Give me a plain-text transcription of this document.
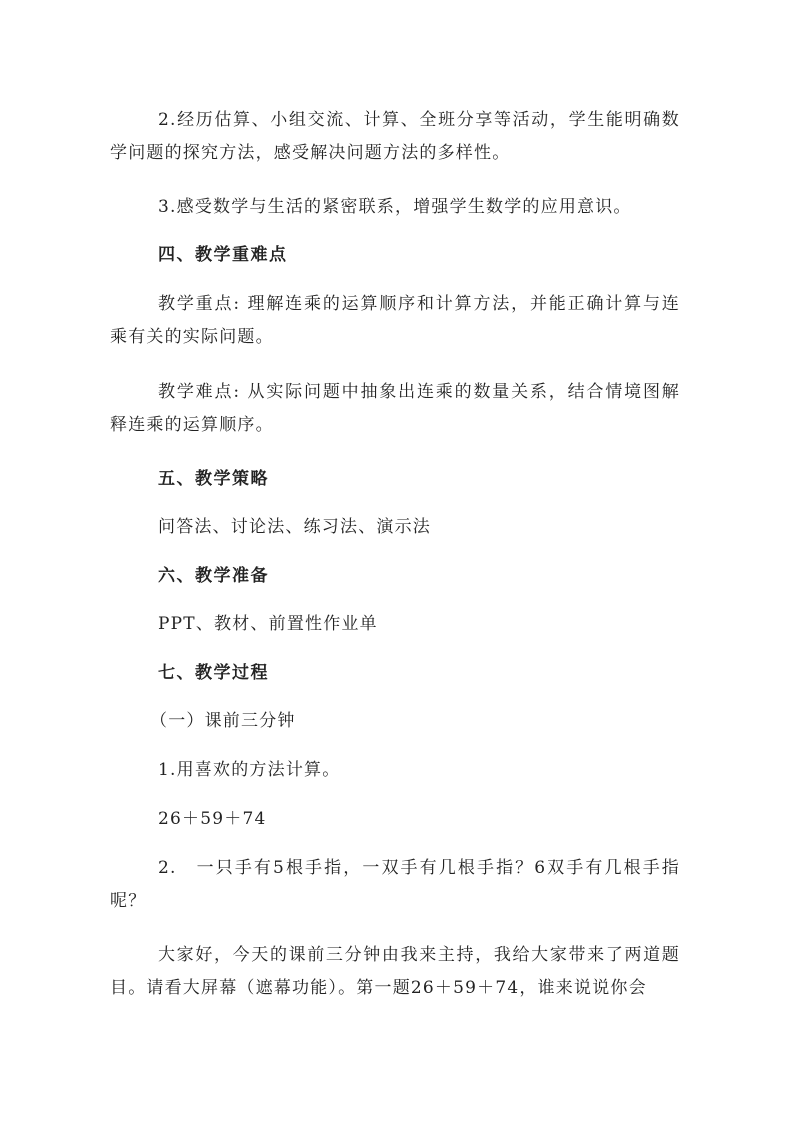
2.经历估算、小组交流、计算、全班分享等活动，学生能明确数学问题的探究方法，感受解决问题方法的多样性。
3.感受数学与生活的紧密联系，增强学生数学的应用意识。
四、教学重难点
教学重点: 理解连乘的运算顺序和计算方法，并能正确计算与连乘有关的实际问题。
教学难点: 从实际问题中抽象出连乘的数量关系，结合情境图解释连乘的运算顺序。
五、教学策略
问答法、讨论法、练习法、演示法
六、教学准备
PPT、教材、前置性作业单
七、教学过程
（一）课前三分钟
1.用喜欢的方法计算。
26＋59＋74
2.　一只手有5根手指，一双手有几根手指？6双手有几根手指呢？
大家好，今天的课前三分钟由我来主持，我给大家带来了两道题目。请看大屏幕（遮幕功能）。第一题26＋59＋74，谁来说说你会
